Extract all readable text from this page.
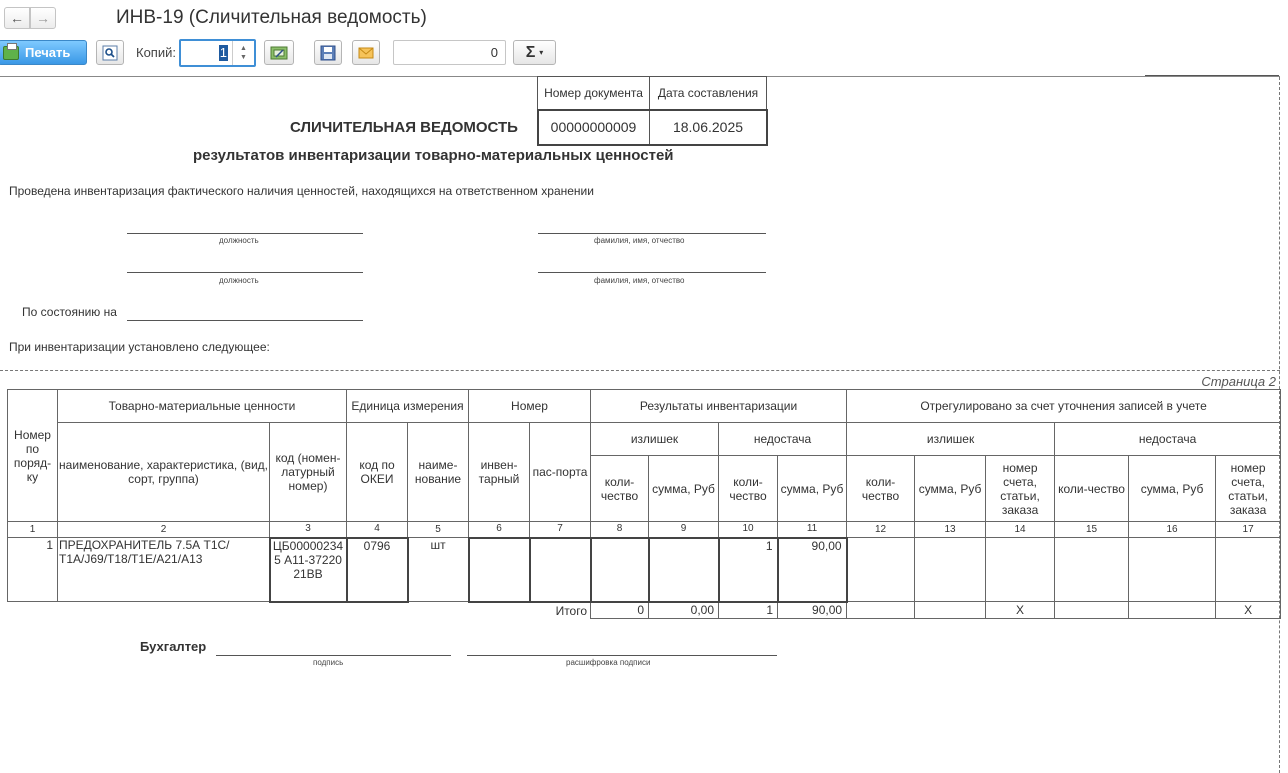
← →	ИНВ-19 (Сличительная ведомость)
Печать	Копий:	1 ▲
▼	0	Σ ▾
Номер документа	Дата составления
00000000009	18.06.2025
СЛИЧИТЕЛЬНАЯ ВЕДОМОСТЬ
результатов инвентаризации товарно-материальных ценностей
Проведена инвентаризация фактического наличия ценностей, находящихся на ответственном хранении
должность	фамилия, имя, отчество
должность	фамилия, имя, отчество
По состоянию на
При инвентаризации установлено следующее:
Страница 2
Номер по поряд-ку	Товарно-материальные ценности		Единица измерения		Номер		Результаты инвентаризации				Отрегулировано за счет уточнения записей в учете					
	наименование, характеристика, (вид, сорт, группа)	код (номен-латурный номер)	код по ОКЕИ	наиме-нование	инвен-тарный	пас-порта	излишек		недостача		излишек			недостача		
							коли-чество	сумма, Руб	коли-чество	сумма, Руб	коли-чество	сумма, Руб	номер счета, статьи, заказа	коли-чество	сумма, Руб	номер счета, статьи, заказа
1	2	3	4	5	6	7	8	9	10	11	12	13	14	15	16	17
1	ПРЕДОХРАНИТЕЛЬ 7.5А Т1С/Т1А/J69/Т18/Т1Е/А21/А13	ЦБ000002345 А11-3722021ВВ	0796	шт					1	90,00						
						Итого	0	0,00	1	90,00			X			X
Бухгалтер
подпись	расшифровка подписи
